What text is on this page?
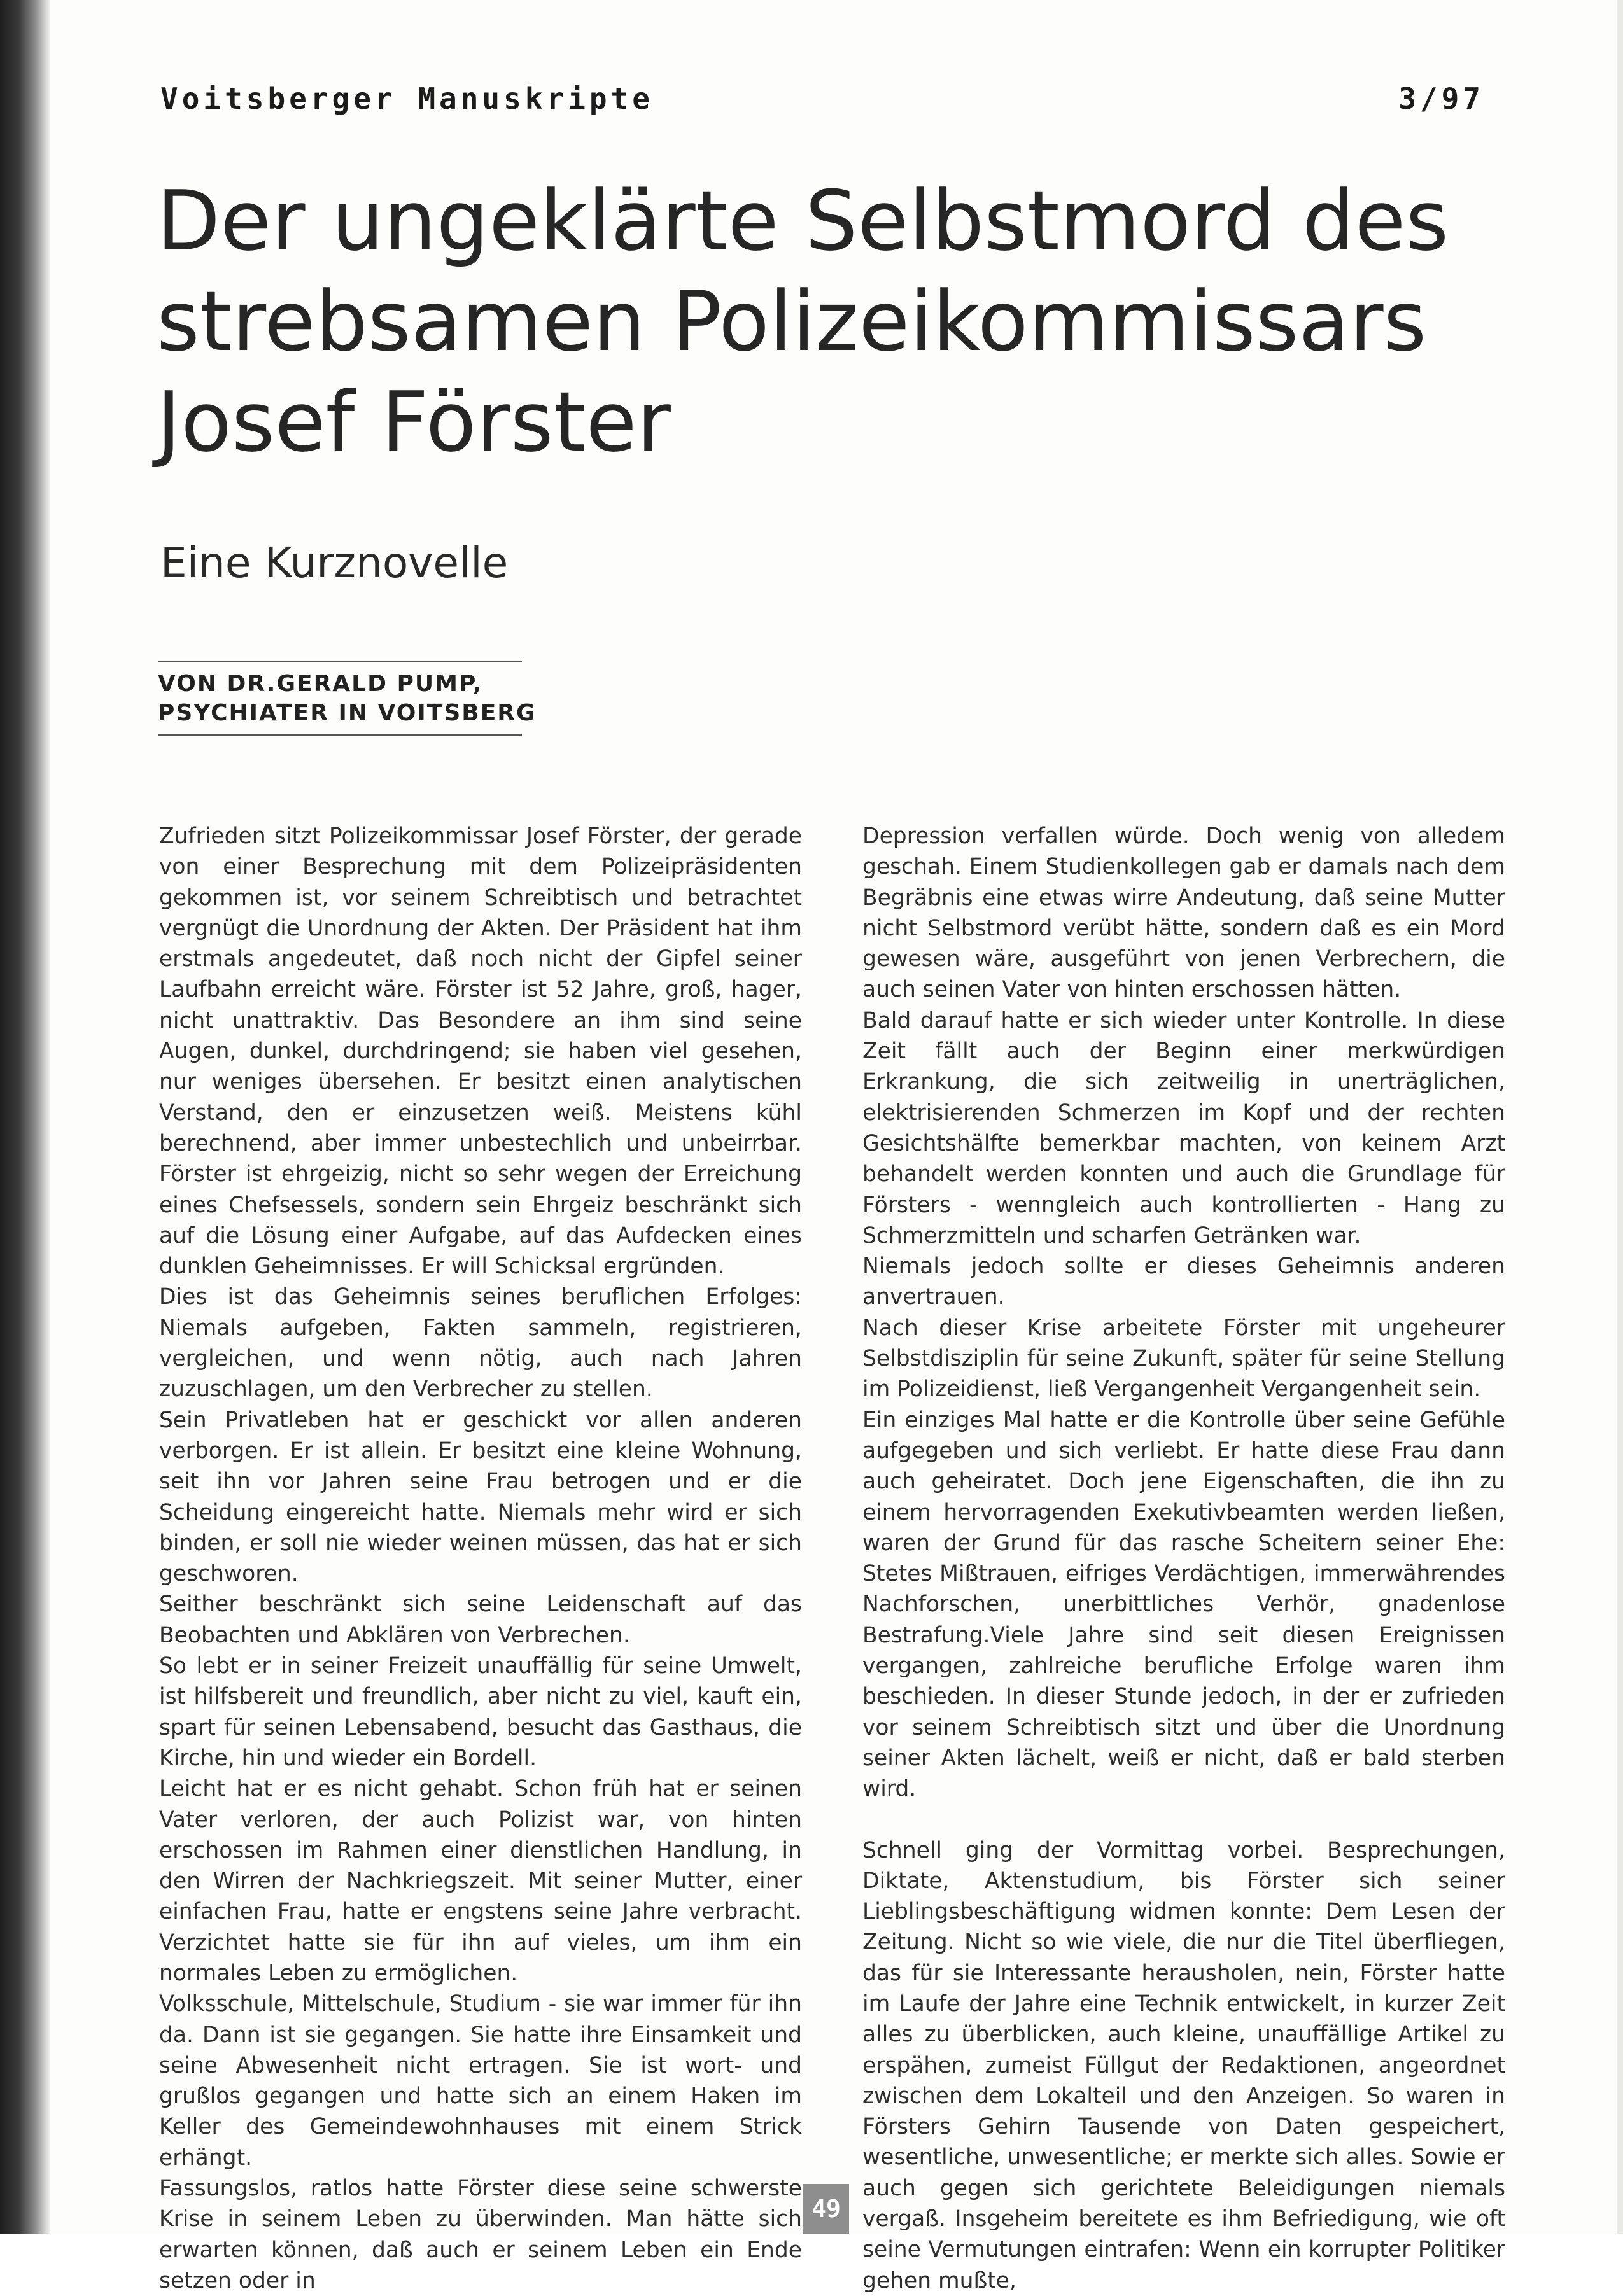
Voitsberger Manuskripte	3/97
Der ungeklärte Selbstmord des
strebsamen Polizeikommissars
Josef Förster
Eine Kurznovelle
VON DR.GERALD PUMP,
PSYCHIATER IN VOITSBERG

Zufrieden sitzt Polizeikommissar Josef Förster, der gerade von einer Besprechung mit dem Polizeipräsidenten gekommen ist, vor seinem Schreibtisch und betrachtet vergnügt die Unordnung der Akten. Der Präsident hat ihm erstmals angedeutet, daß noch nicht der Gipfel seiner Laufbahn erreicht wäre. Förster ist 52 Jahre, groß, hager, nicht unattraktiv. Das Besondere an ihm sind seine Augen, dunkel, durchdringend; sie haben viel gesehen, nur weniges übersehen. Er besitzt einen analytischen Verstand, den er einzusetzen weiß. Meistens kühl berechnend, aber immer unbestechlich und unbeirrbar. Förster ist ehrgeizig, nicht so sehr wegen der Erreichung eines Chefsessels, sondern sein Ehrgeiz beschränkt sich auf die Lösung einer Aufgabe, auf das Aufdecken eines dunklen Geheimnisses. Er will Schicksal ergründen.

Dies ist das Geheimnis seines beruflichen Erfolges: Niemals aufgeben, Fakten sammeln, registrieren, vergleichen, und wenn nötig, auch nach Jahren zuzuschlagen, um den Verbrecher zu stellen.

Sein Privatleben hat er geschickt vor allen anderen verborgen. Er ist allein. Er besitzt eine kleine Wohnung, seit ihn vor Jahren seine Frau betrogen und er die Scheidung eingereicht hatte. Niemals mehr wird er sich binden, er soll nie wieder weinen müssen, das hat er sich geschworen.

Seither beschränkt sich seine Leidenschaft auf das Beobachten und Abklären von Verbrechen.

So lebt er in seiner Freizeit unauffällig für seine Umwelt, ist hilfsbereit und freundlich, aber nicht zu viel, kauft ein, spart für seinen Lebensabend, besucht das Gasthaus, die Kirche, hin und wieder ein Bordell.

Leicht hat er es nicht gehabt. Schon früh hat er seinen Vater verloren, der auch Polizist war, von hinten erschossen im Rahmen einer dienstlichen Handlung, in den Wirren der Nachkriegszeit. Mit seiner Mutter, einer einfachen Frau, hatte er engstens seine Jahre verbracht. Verzichtet hatte sie für ihn auf vieles, um ihm ein normales Leben zu ermöglichen.

Volksschule, Mittelschule, Studium - sie war immer für ihn da. Dann ist sie gegangen. Sie hatte ihre Einsamkeit und seine Abwesenheit nicht ertragen. Sie ist wort- und grußlos gegangen und hatte sich an einem Haken im Keller des Gemeindewohnhauses mit einem Strick erhängt.

Fassungslos, ratlos hatte Förster diese seine schwerste Krise in seinem Leben zu überwinden. Man hätte sich erwarten können, daß auch er seinem Leben ein Ende setzen oder in

Depression verfallen würde. Doch wenig von alledem geschah. Einem Studienkollegen gab er damals nach dem Begräbnis eine etwas wirre Andeutung, daß seine Mutter nicht Selbstmord verübt hätte, sondern daß es ein Mord gewesen wäre, ausgeführt von jenen Verbrechern, die auch seinen Vater von hinten erschossen hätten.

Bald darauf hatte er sich wieder unter Kontrolle. In diese Zeit fällt auch der Beginn einer merkwürdigen Erkrankung, die sich zeitweilig in unerträglichen, elektrisierenden Schmerzen im Kopf und der rechten Gesichtshälfte bemerkbar machten, von keinem Arzt behandelt werden konnten und auch die Grundlage für Försters - wenngleich auch kontrollierten - Hang zu Schmerzmitteln und scharfen Getränken war.

Niemals jedoch sollte er dieses Geheimnis anderen anvertrauen.

Nach dieser Krise arbeitete Förster mit ungeheurer Selbstdisziplin für seine Zukunft, später für seine Stellung im Polizeidienst, ließ Vergangenheit Vergangenheit sein.

Ein einziges Mal hatte er die Kontrolle über seine Gefühle aufgegeben und sich verliebt. Er hatte diese Frau dann auch geheiratet. Doch jene Eigenschaften, die ihn zu einem hervorragenden Exekutivbeamten werden ließen, waren der Grund für das rasche Scheitern seiner Ehe: Stetes Mißtrauen, eifriges Verdächtigen, immerwährendes Nachforschen, unerbittliches Verhör, gnadenlose Bestrafung.Viele Jahre sind seit diesen Ereignissen vergangen, zahlreiche berufliche Erfolge waren ihm beschieden. In dieser Stunde jedoch, in der er zufrieden vor seinem Schreibtisch sitzt und über die Unordnung seiner Akten lächelt, weiß er nicht, daß er bald sterben wird.

Schnell ging der Vormittag vorbei. Besprechungen, Diktate, Aktenstudium, bis Förster sich seiner Lieblingsbeschäftigung widmen konnte: Dem Lesen der Zeitung. Nicht so wie viele, die nur die Titel überfliegen, das für sie Interessante herausholen, nein, Förster hatte im Laufe der Jahre eine Technik entwickelt, in kurzer Zeit alles zu überblicken, auch kleine, unauffällige Artikel zu erspähen, zumeist Füllgut der Redaktionen, angeordnet zwischen dem Lokalteil und den Anzeigen. So waren in Försters Gehirn Tausende von Daten gespeichert, wesentliche, unwesentliche; er merkte sich alles. Sowie er auch gegen sich gerichtete Beleidigungen niemals vergaß. Insgeheim bereitete es ihm Befriedigung, wie oft seine Vermutungen eintrafen: Wenn ein korrupter Politiker gehen mußte,

49
